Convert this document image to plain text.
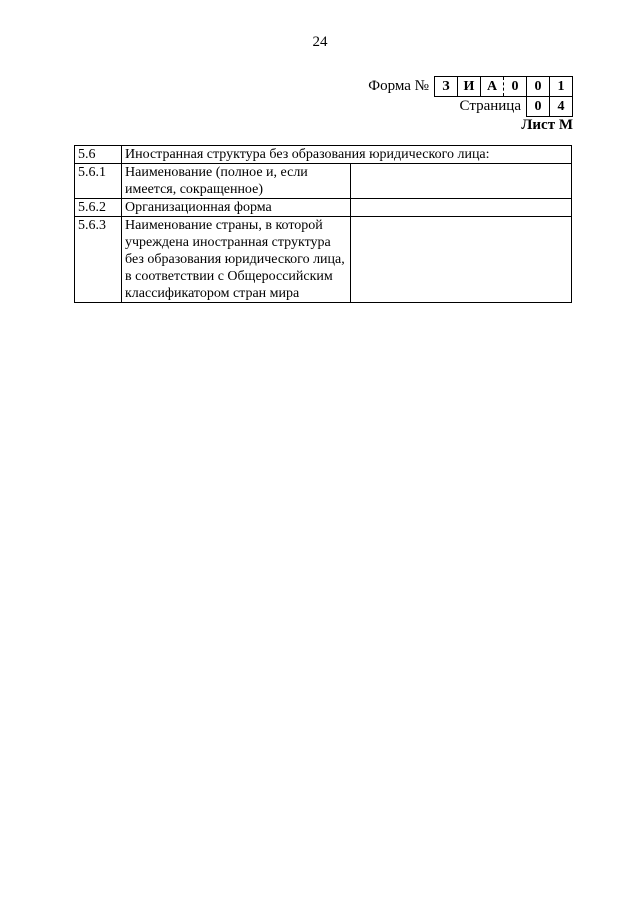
24
Форма № З И А	0	0	1
Страница 0	4
Лист М
5.6	Иностранная структура без образования юридического лица:	
5.6.1	Наименование (полное и, если имеется, сокращенное)	
5.6.2	Организационная форма	
5.6.3	Наименование страны, в которой учреждена иностранная структура без образования юридического лица, в соответствии с Общероссийским классификатором стран мира	
